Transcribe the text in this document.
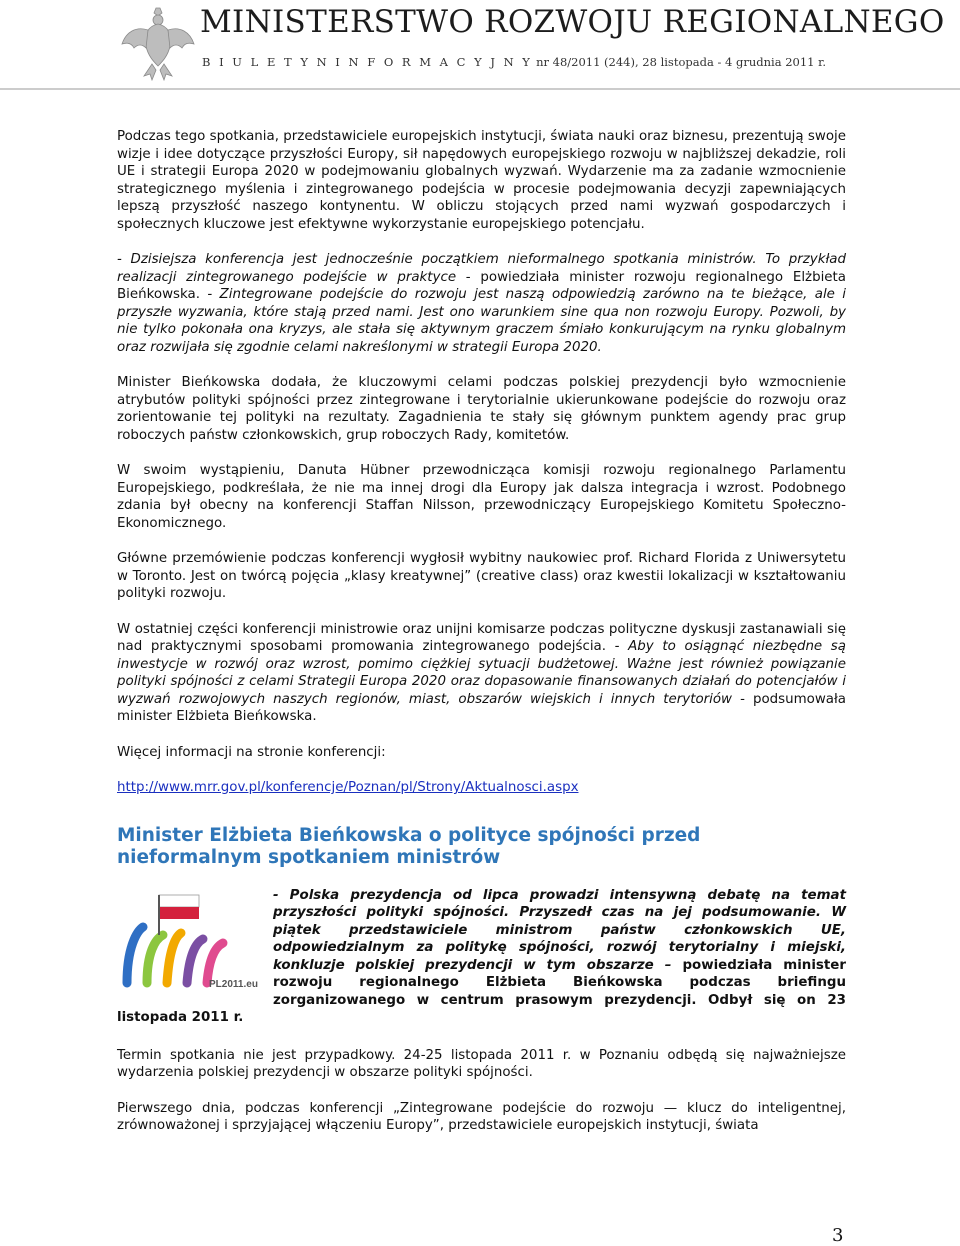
MINISTERSTWO ROZWOJU REGIONALNEGO
B I U L E T Y N I N F O R M A C Y J N Y nr 48/2011 (244), 28 listopada - 4 grudnia 2011 r.

Podczas tego spotkania, przedstawiciele europejskich instytucji, świata nauki oraz biznesu, prezentują swoje wizje i idee dotyczące przyszłości Europy, sił napędowych europejskiego rozwoju w najbliższej dekadzie, roli UE i strategii Europa 2020 w podejmowaniu globalnych wyzwań. Wydarzenie ma za zadanie wzmocnienie strategicznego myślenia i zintegrowanego podejścia w procesie podejmowania decyzji zapewniających lepszą przyszłość naszego kontynentu. W obliczu stojących przed nami wyzwań gospodarczych i społecznych kluczowe jest efektywne wykorzystanie europejskiego potencjału.

- Dzisiejsza konferencja jest jednocześnie początkiem nieformalnego spotkania ministrów. To przykład realizacji zintegrowanego podejście w praktyce - powiedziała minister rozwoju regionalnego Elżbieta Bieńkowska. - Zintegrowane podejście do rozwoju jest naszą odpowiedzią zarówno na te bieżące, ale i przyszłe wyzwania, które stają przed nami. Jest ono warunkiem sine qua non rozwoju Europy. Pozwoli, by nie tylko pokonała ona kryzys, ale stała się aktywnym graczem śmiało konkurującym na rynku globalnym oraz rozwijała się zgodnie celami nakreślonymi w strategii Europa 2020.

Minister Bieńkowska dodała, że kluczowymi celami podczas polskiej prezydencji było wzmocnienie atrybutów polityki spójności przez zintegrowane i terytorialnie ukierunkowane podejście do rozwoju oraz zorientowanie tej polityki na rezultaty. Zagadnienia te stały się głównym punktem agendy prac grup roboczych państw członkowskich, grup roboczych Rady, komitetów.

W swoim wystąpieniu, Danuta Hübner przewodnicząca komisji rozwoju regionalnego Parlamentu Europejskiego, podkreślała, że nie ma innej drogi dla Europy jak dalsza integracja i wzrost. Podobnego zdania był obecny na konferencji Staffan Nilsson, przewodniczący Europejskiego Komitetu Społeczno-Ekonomicznego.

Główne przemówienie podczas konferencji wygłosił wybitny naukowiec prof. Richard Florida z Uniwersytetu w Toronto. Jest on twórcą pojęcia „klasy kreatywnej” (creative class) oraz kwestii lokalizacji w kształtowaniu polityki rozwoju.

W ostatniej części konferencji ministrowie oraz unijni komisarze podczas polityczne dyskusji zastanawiali się nad praktycznymi sposobami promowania zintegrowanego podejścia. - Aby to osiągnąć niezbędne są inwestycje w rozwój oraz wzrost, pomimo ciężkiej sytuacji budżetowej. Ważne jest również powiązanie polityki spójności z celami Strategii Europa 2020 oraz dopasowanie finansowanych działań do potencjałów i wyzwań rozwojowych naszych regionów, miast, obszarów wiejskich i innych terytoriów - podsumowała minister Elżbieta Bieńkowska.

Więcej informacji na stronie konferencji:

http://www.mrr.gov.pl/konferencje/Poznan/pl/Strony/Aktualnosci.aspx

Minister Elżbieta Bieńkowska o polityce spójności przed nieformalnym spotkaniem ministrów
PL2011.eu
- Polska prezydencja od lipca prowadzi intensywną debatę na temat przyszłości polityki spójności. Przyszedł czas na jej podsumowanie. W piątek przedstawiciele ministrom państw członkowskich UE, odpowiedzialnym za politykę spójności, rozwój terytorialny i miejski, konkluzje polskiej prezydencji w tym obszarze – powiedziała minister rozwoju regionalnego Elżbieta Bieńkowska podczas briefingu zorganizowanego w centrum prasowym prezydencji. Odbył się on 23 listopada 2011 r.

Termin spotkania nie jest przypadkowy. 24-25 listopada 2011 r. w Poznaniu odbędą się najważniejsze wydarzenia polskiej prezydencji w obszarze polityki spójności.

Pierwszego dnia, podczas konferencji „Zintegrowane podejście do rozwoju — klucz do inteligentnej, zrównoważonej i sprzyjającej włączeniu Europy”, przedstawiciele europejskich instytucji, świata

3
